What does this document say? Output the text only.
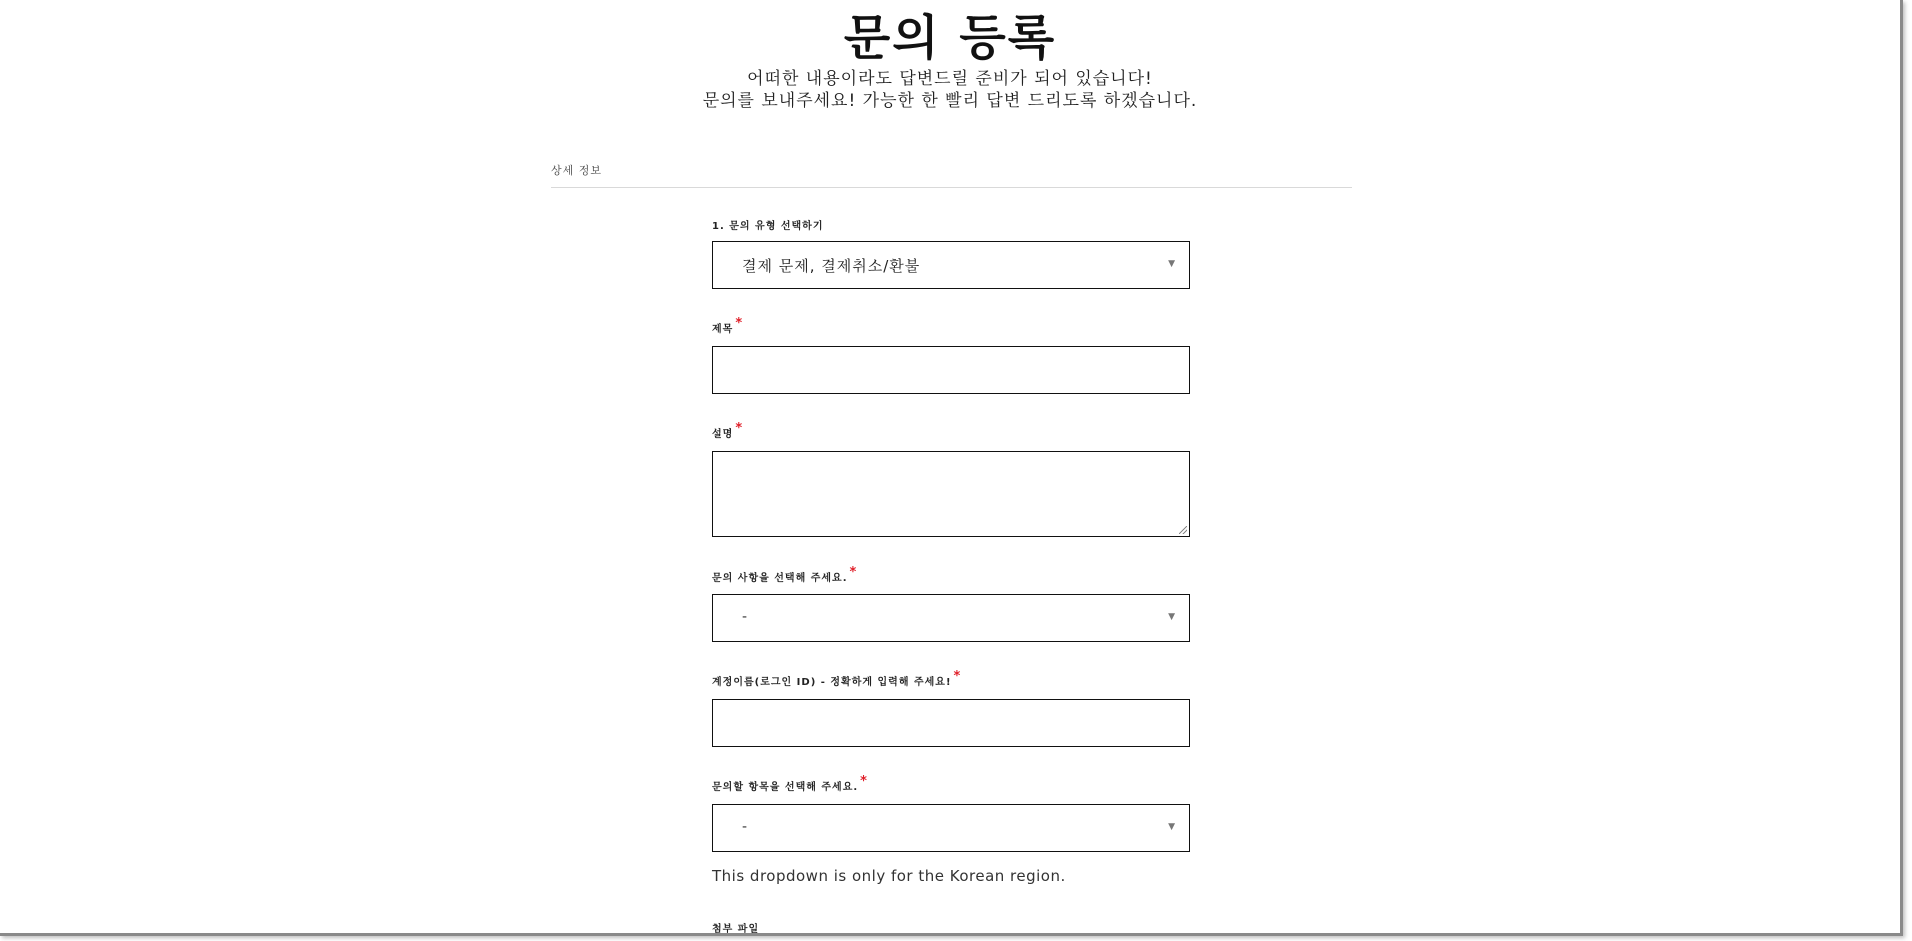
문의 등록

어떠한 내용이라도 답변드릴 준비가 되어 있습니다!

문의를 보내주세요! 가능한 한 빨리 답변 드리도록 하겠습니다.

상세 정보
1. 문의 유형 선택하기
결제 문제, 결제취소/환불	▼
제목 *
설명 *
문의 사항을 선택해 주세요. *
-	▼
계정이름(로그인 ID) - 정확하게 입력해 주세요! *
문의할 항목을 선택해 주세요. *
-	▼
This dropdown is only for the Korean region.
첨부 파일
